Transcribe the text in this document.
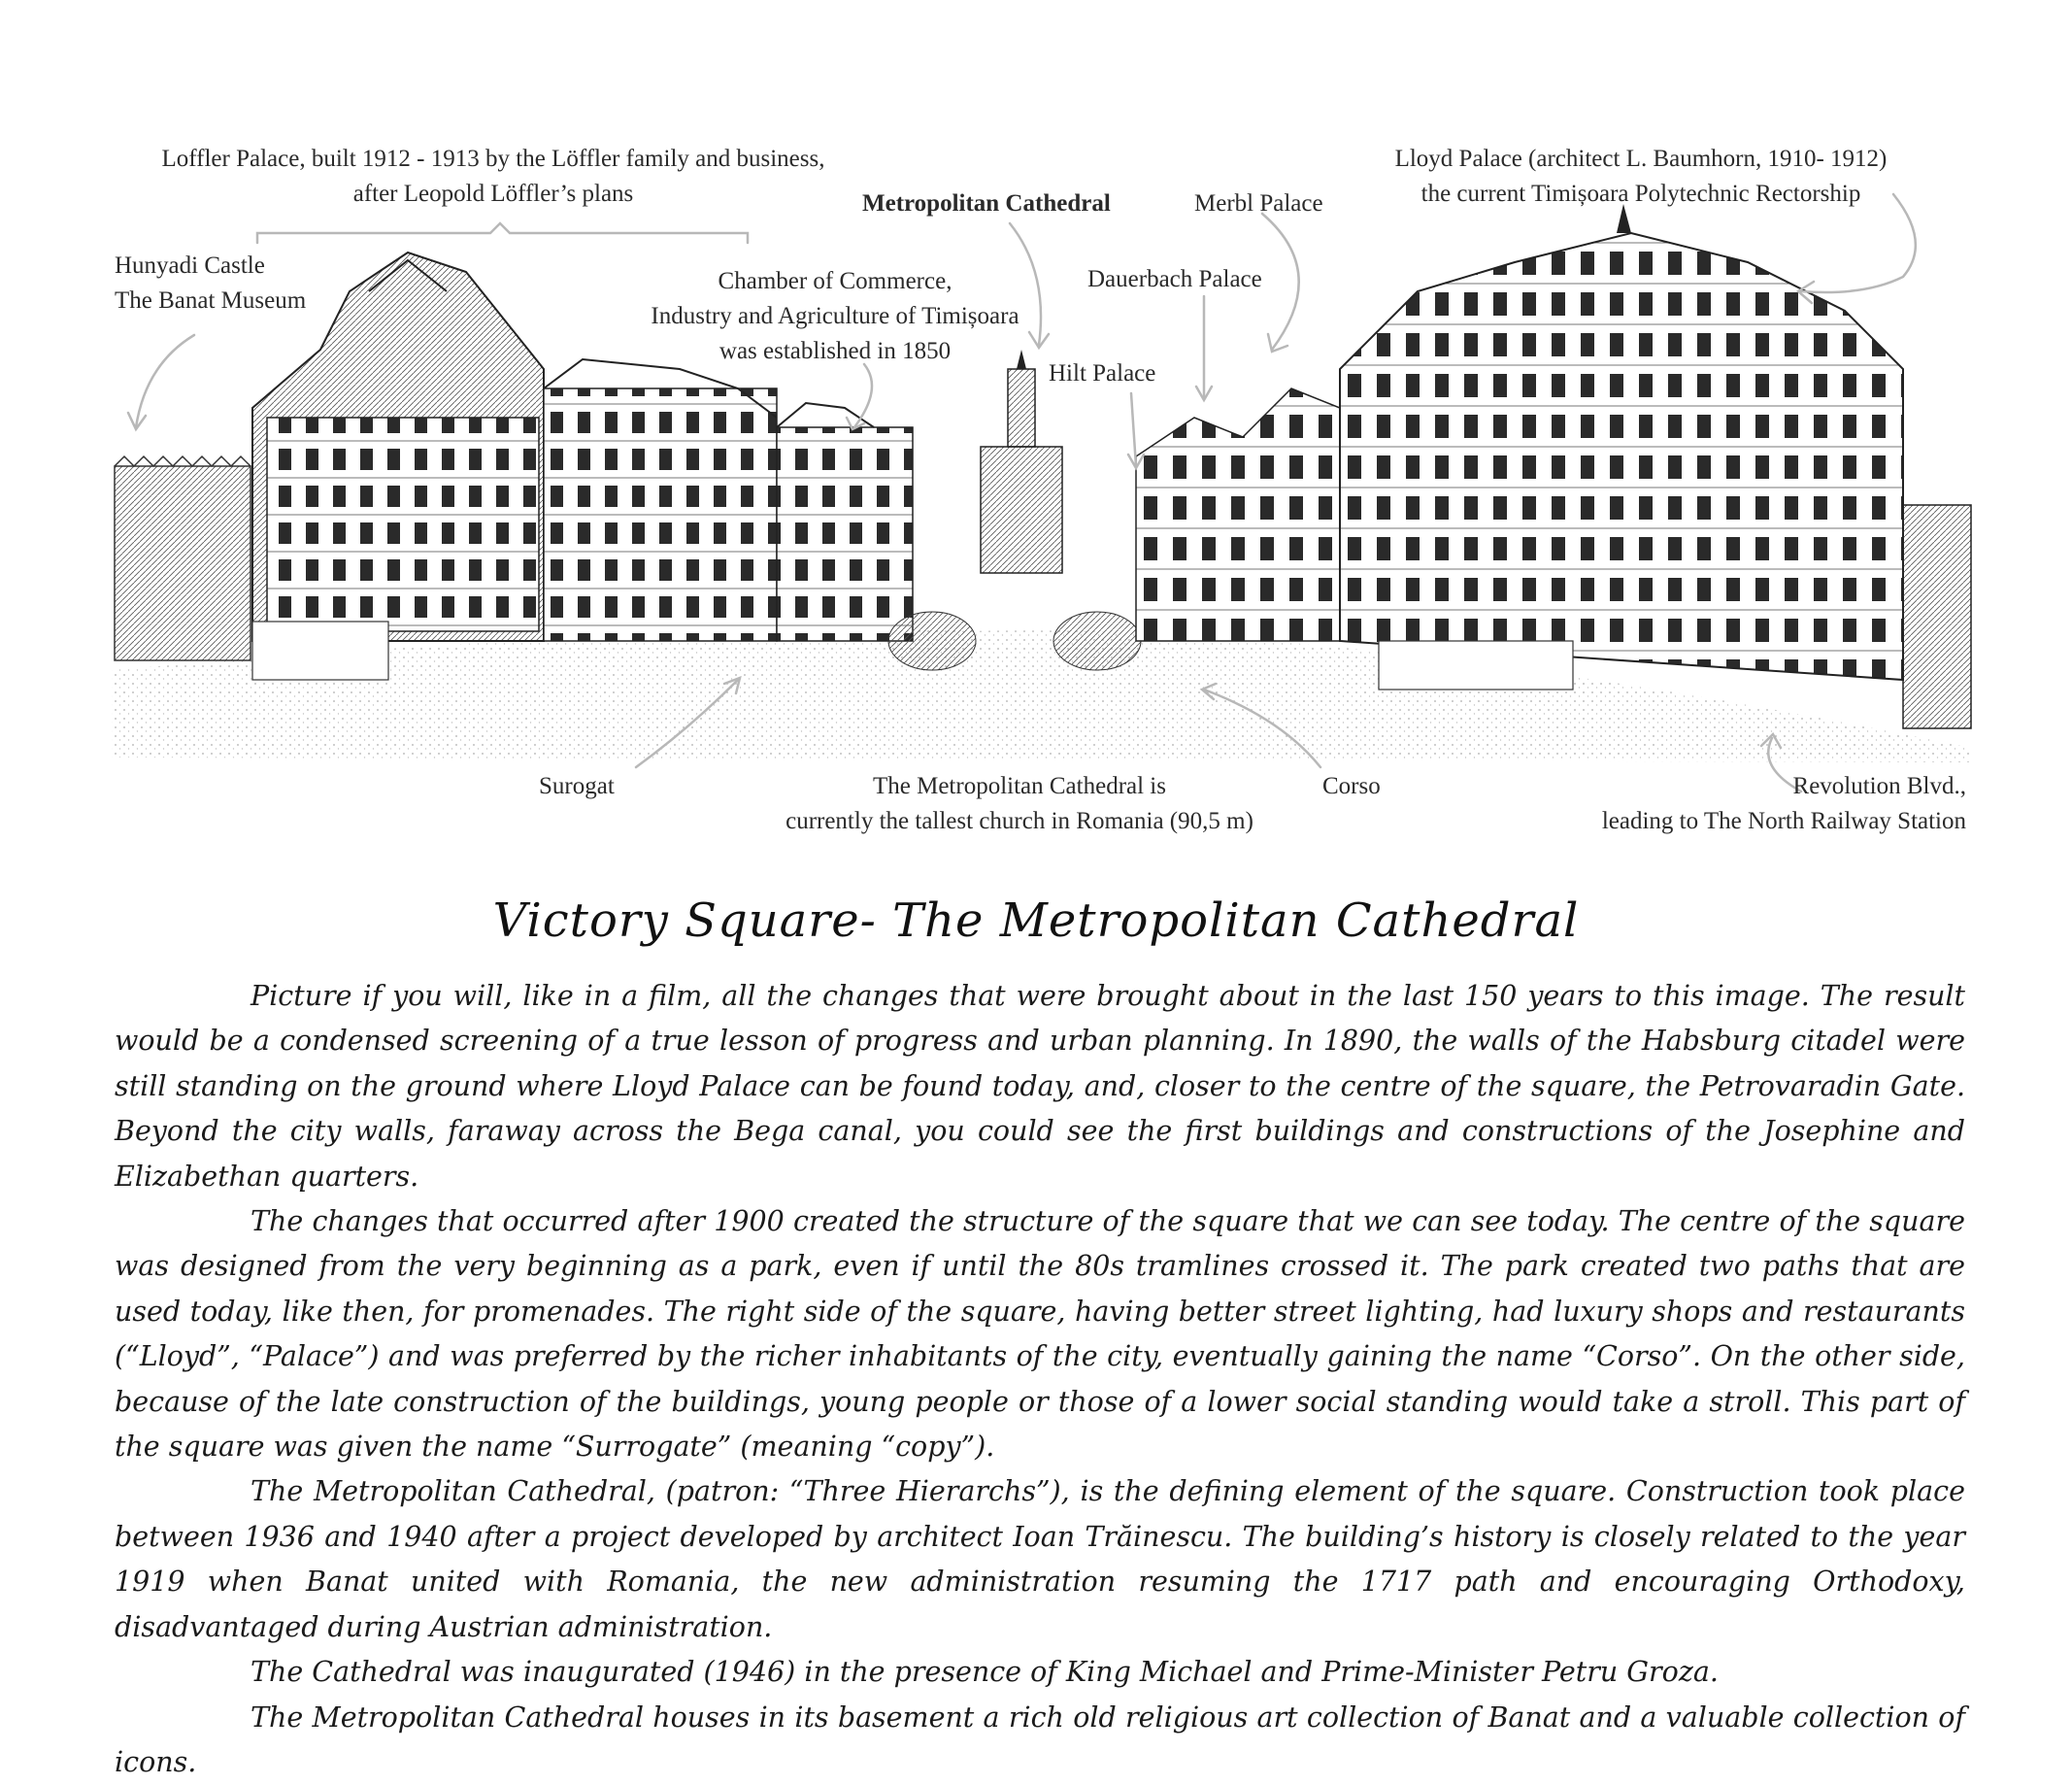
Loffler Palace, built 1912 - 1913 by the Löffler family and business,
after Leopold Löffler’s plans
Hunyadi Castle
The Banat Museum
Chamber of Commerce,
Industry and Agriculture of Timișoara
was established in 1850
Metropolitan Cathedral	Merbl Palace
Dauerbach Palace
Hilt Palace
Lloyd Palace (architect L. Baumhorn, 1910- 1912)
the current Timișoara Polytechnic Rectorship
Surogat	The Metropolitan Cathedral is
currently the tallest church in Romania (90,5 m)
Corso	Revolution Blvd.,
leading to The North Railway Station
Victory Square- The Metropolitan Cathedral

Picture if you will, like in a film, all the changes that were brought about in the last 150 years to this image. The result would be a condensed screening of a true lesson of progress and urban planning. In 1890, the walls of the Habsburg citadel were still standing on the ground where Lloyd Palace can be found today, and, closer to the centre of the square, the Petrovaradin Gate. Beyond the city walls, faraway across the Bega canal, you could see the first buildings and constructions of the Josephine and Elizabethan quarters.

The changes that occurred after 1900 created the structure of the square that we can see today. The centre of the square was designed from the very beginning as a park, even if until the 80s tramlines crossed it. The park created two paths that are used today, like then, for promenades. The right side of the square, having better street lighting, had luxury shops and restaurants (“Lloyd”, “Palace”) and was preferred by the richer inhabitants of the city, eventually gaining the name “Corso”. On the other side, because of the late construction of the buildings, young people or those of a lower social standing would take a stroll. This part of the square was given the name “Surrogate” (meaning “copy”).

The Metropolitan Cathedral, (patron: “Three Hierarchs”), is the defining element of the square. Construction took place between 1936 and 1940 after a project developed by architect Ioan Trăinescu. The building’s history is closely related to the year 1919 when Banat united with Romania, the new administration resuming the 1717 path and encouraging Orthodoxy, disadvantaged during Austrian administration.

The Cathedral was inaugurated (1946) in the presence of King Michael and Prime-Minister Petru Groza.

The Metropolitan Cathedral houses in its basement a rich old religious art collection of Banat and a valuable collection of icons.
